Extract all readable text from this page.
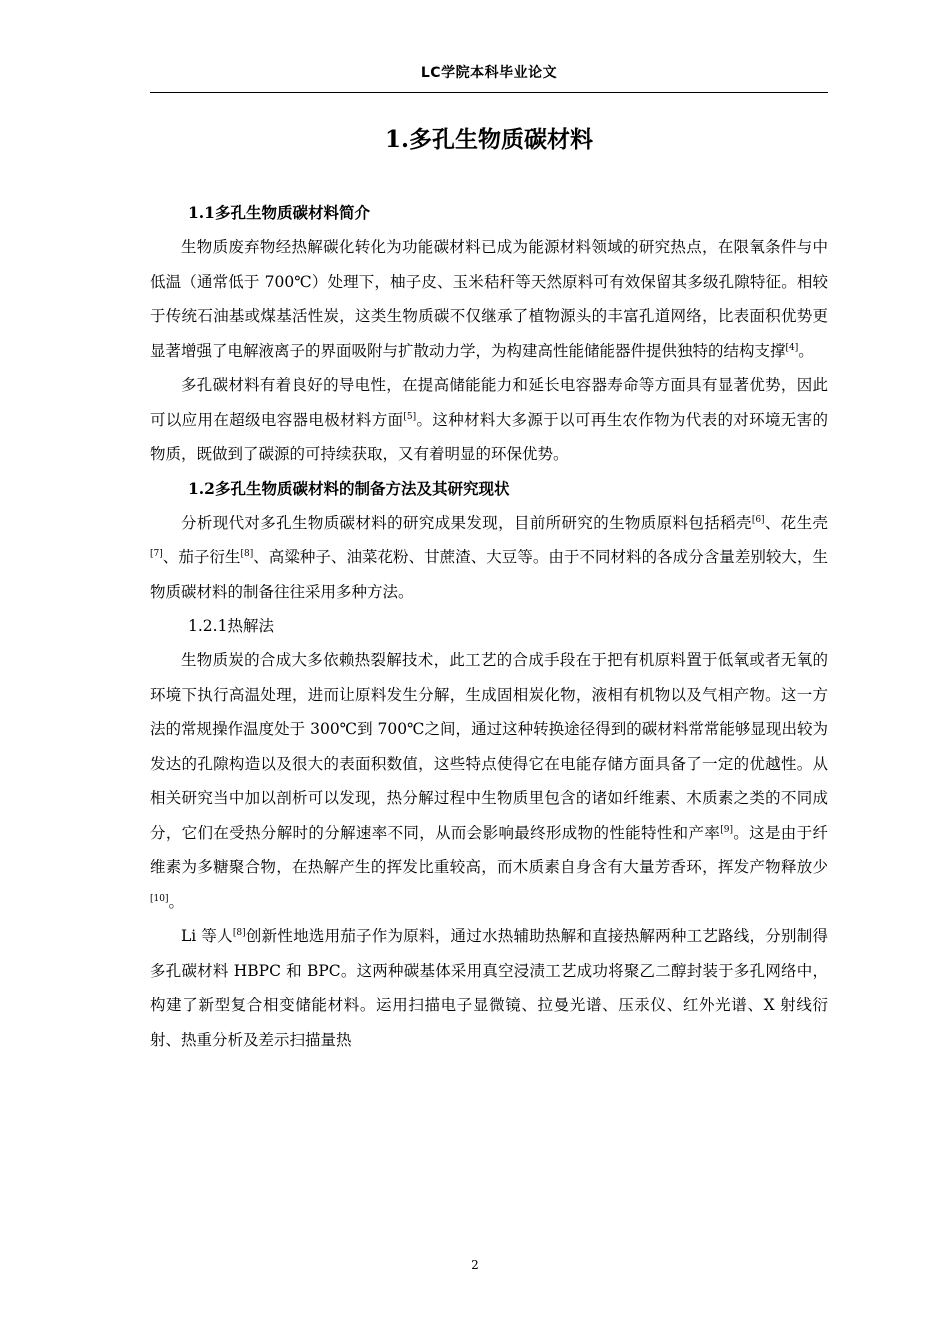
LC学院本科毕业论文
1.多孔生物质碳材料
1.1多孔生物质碳材料简介

生物质废弃物经热解碳化转化为功能碳材料已成为能源材料领域的研究热点，在限氧条件与中低温（通常低于 700℃）处理下，柚子皮、玉米秸秆等天然原料可有效保留其多级孔隙特征。相较于传统石油基或煤基活性炭，这类生物质碳不仅继承了植物源头的丰富孔道网络，比表面积优势更显著增强了电解液离子的界面吸附与扩散动力学，为构建高性能储能器件提供独特的结构支撑[4]。

多孔碳材料有着良好的导电性，在提高储能能力和延长电容器寿命等方面具有显著优势，因此可以应用在超级电容器电极材料方面[5]。这种材料大多源于以可再生农作物为代表的对环境无害的物质，既做到了碳源的可持续获取，又有着明显的环保优势。

1.2多孔生物质碳材料的制备方法及其研究现状

分析现代对多孔生物质碳材料的研究成果发现，目前所研究的生物质原料包括稻壳[6]、花生壳[7]、茄子衍生[8]、高粱种子、油菜花粉、甘蔗渣、大豆等。由于不同材料的各成分含量差别较大，生物质碳材料的制备往往采用多种方法。

1.2.1热解法

生物质炭的合成大多依赖热裂解技术，此工艺的合成手段在于把有机原料置于低氧或者无氧的环境下执行高温处理，进而让原料发生分解，生成固相炭化物，液相有机物以及气相产物。这一方法的常规操作温度处于 300℃到 700℃之间，通过这种转换途径得到的碳材料常常能够显现出较为发达的孔隙构造以及很大的表面积数值，这些特点使得它在电能存储方面具备了一定的优越性。从相关研究当中加以剖析可以发现，热分解过程中生物质里包含的诸如纤维素、木质素之类的不同成分，它们在受热分解时的分解速率不同，从而会影响最终形成物的性能特性和产率[9]。这是由于纤维素为多糖聚合物，在热解产生的挥发比重较高，而木质素自身含有大量芳香环，挥发产物释放少[10]。

Li 等人[8]创新性地选用茄子作为原料，通过水热辅助热解和直接热解两种工艺路线，分别制得多孔碳材料 HBPC 和 BPC。这两种碳基体采用真空浸渍工艺成功将聚乙二醇封装于多孔网络中，构建了新型复合相变储能材料。运用扫描电子显微镜、拉曼光谱、压汞仪、红外光谱、X 射线衍射、热重分析及差示扫描量热

2
